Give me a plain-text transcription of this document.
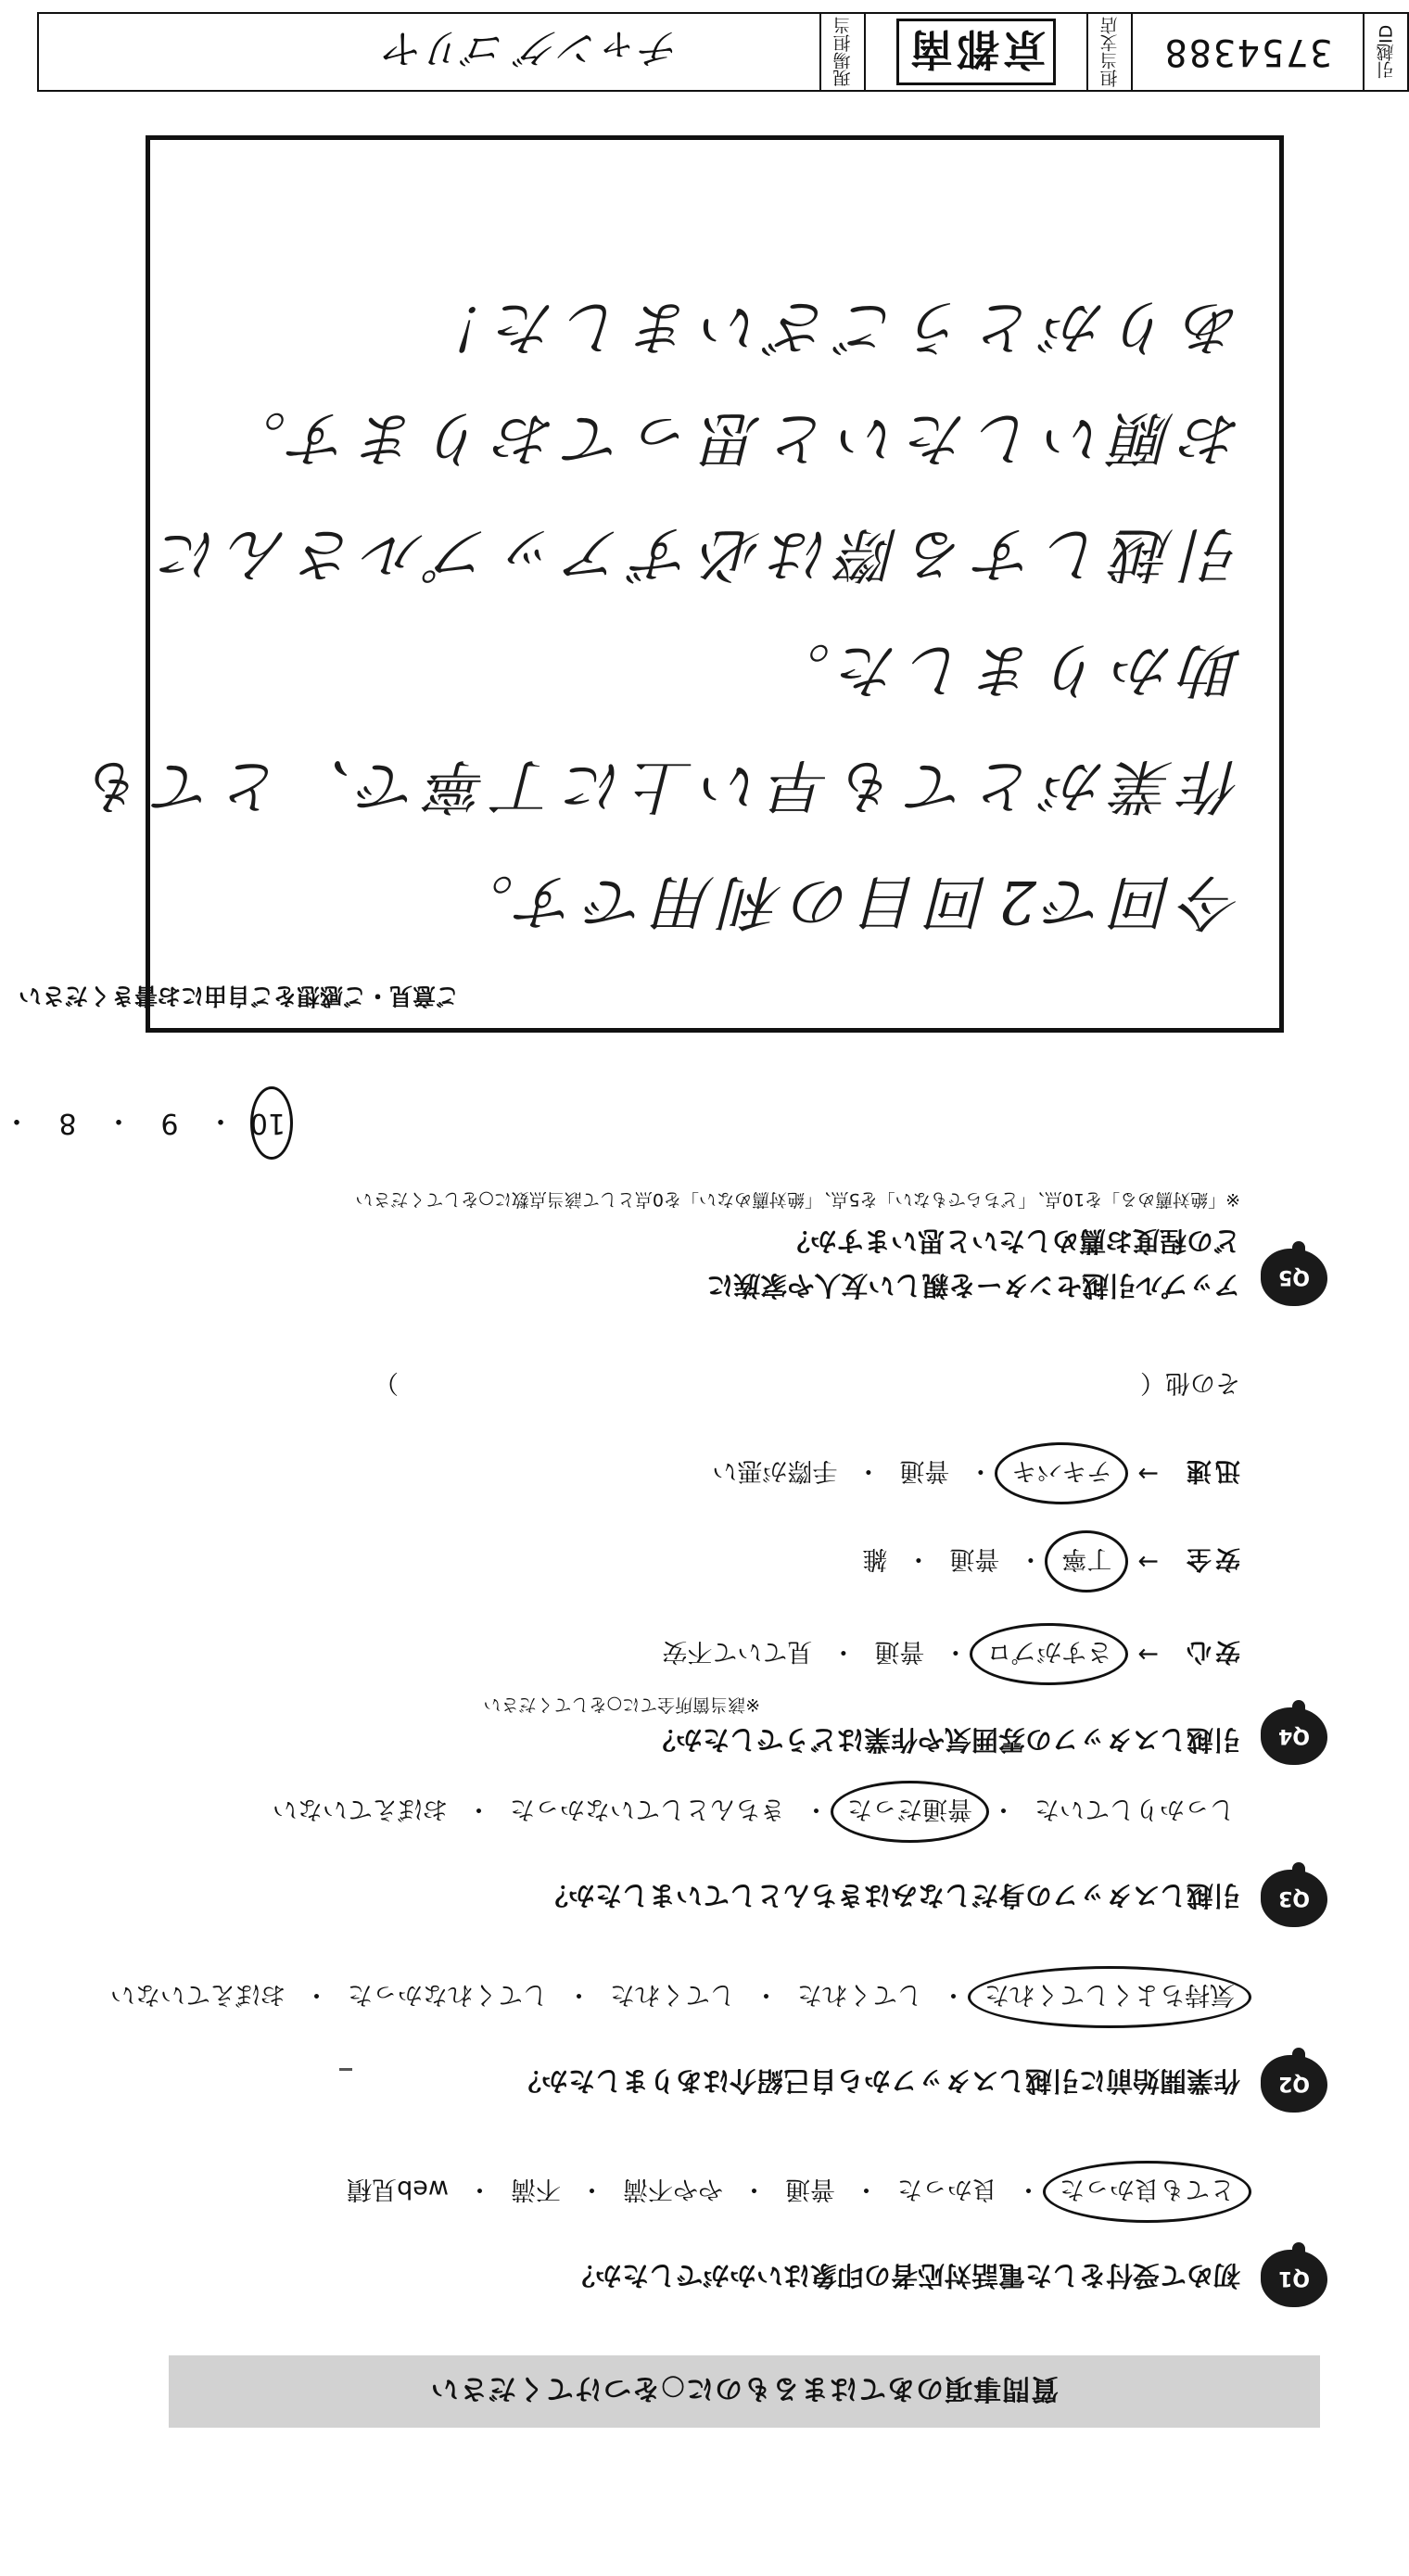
質問事項のあてはまるものに○をつけてください
Q1
初めて受付をした電話対応者の印象はいかがでしたか？
とても良かった
・
良かった
・
普通
・
やや不満
・
不満
・
web見積
Q2
作業開始前に引越しスタッフから自己紹介はありましたか？
気持ちよくしてくれた
・
してくれた
・
してくれた
・
してくれなかった
・
おぼえていない
Q3
引越しスタッフの身だしなみはきちんとしていましたか？
しっかりしていた
・
普通だった
・
きちんとしていなかった
・
おぼえていない
Q4
引越しスタッフの雰囲気や作業はどうでしたか？
※該当箇所全てに○をしてください
安心
→
さすがプロ
・
普通
・
見ていて不安
安全
→
丁寧
・
普通
・
雑
迅速
→
テキパキ
・
普通
・
手際が悪い
その他（
）
Q5
アップル引越センターを親しい友人や家族に
どの程度お薦めしたいと思いますか？
※「絶対薦める」を10点、「どちらでもない」を5点、「絶対薦めない」を0点として該当点数に○をしてください
10
・
9
・
8
・
ご意見・ご感想をご自由にお書きください
今回で2回目の利用です。
作業がとても早い上に丁寧で、とても
助かりました。
引越しする際は必ずアップルさんに
お願いしたいと思っております。
ありがとうございました！
引越ID
3754388
担当支店
京都南
現場担当
チャング ゴリヤ
